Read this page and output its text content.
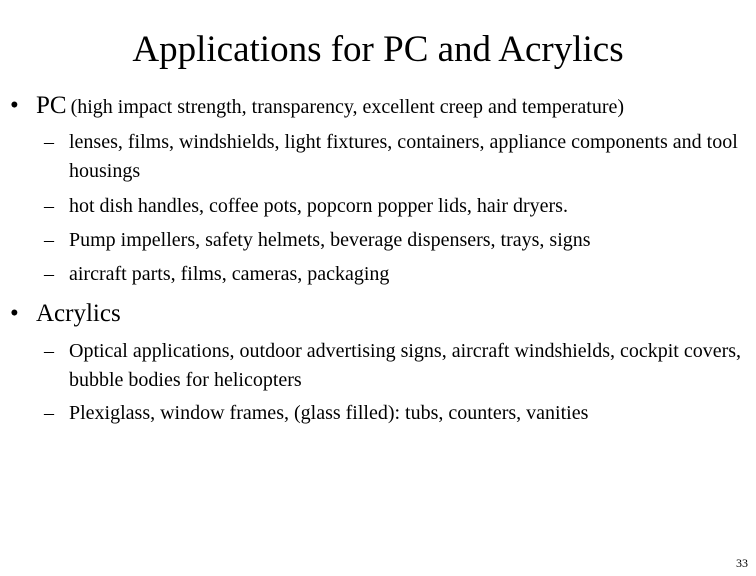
Applications for PC and Acrylics
• PC (high impact strength, transparency, excellent creep and temperature)
– lenses, films, windshields, light fixtures, containers, appliance components and tool housings
– hot dish handles, coffee pots, popcorn popper lids, hair dryers.
– Pump impellers, safety helmets, beverage dispensers, trays, signs
– aircraft parts, films, cameras, packaging
• Acrylics
– Optical applications, outdoor advertising signs, aircraft windshields, cockpit covers, bubble bodies for helicopters
– Plexiglass, window frames, (glass filled): tubs, counters, vanities
33
